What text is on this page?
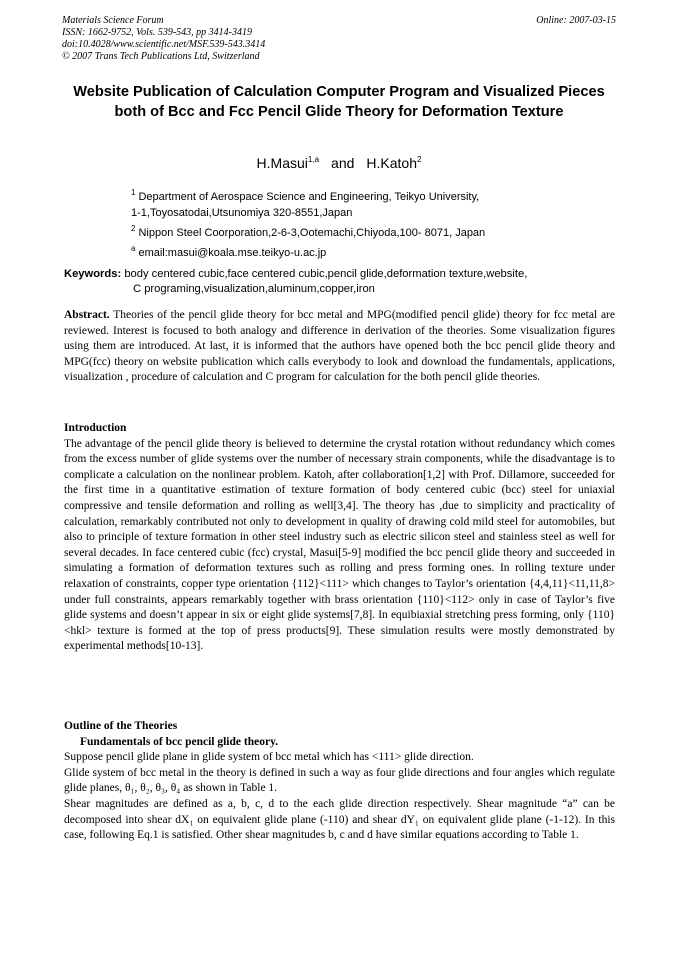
Materials Science Forum
ISSN: 1662-9752, Vols. 539-543, pp 3414-3419
doi:10.4028/www.scientific.net/MSF.539-543.3414
© 2007 Trans Tech Publications Ltd, Switzerland
Online: 2007-03-15
Website Publication of Calculation Computer Program and Visualized Pieces both of Bcc and Fcc Pencil Glide Theory for Deformation Texture
H.Masui$^{1,a}$ and H.Katoh$^2$
$^1$ Department of Aerospace Science and Engineering, Teikyo University,
1-1,Toyosatodai,Utsunomiya 320-8551,Japan
$^2$ Nippon Steel Coorporation,2-6-3,Ootemachi,Chiyoda,100- 8071, Japan
$^a$ email:masui@koala.mse.teikyo-u.ac.jp
Keywords: body centered cubic,face centered cubic,pencil glide,deformation texture,website,
C programing,visualization,aluminum,copper,iron

Abstract. Theories of the pencil glide theory for bcc metal and MPG(modified pencil glide) theory for fcc metal are reviewed. Interest is focused to both analogy and difference in derivation of the theories. Some visualization figures using them are introduced. At last, it is informed that the authors have opened both the bcc pencil glide theory and MPG(fcc) theory on website publication which calls everybody to look and download the fundamentals, applications, visualization , procedure of calculation and C program for calculation for the both pencil glide theories.

Introduction

The advantage of the pencil glide theory is believed to determine the crystal rotation without redundancy which comes from the excess number of glide systems over the number of necessary strain components, while the disadvantage is to complicate a calculation on the nonlinear problem. Katoh, after collaboration[1,2] with Prof. Dillamore, succeeded for the first time in a quantitative estimation of texture formation of body centered cubic (bcc) steel for uniaxial compressive and tensile deformation and rolling as well[3,4]. The theory has ,due to simplicity and practicality of calculation, remarkably contributed not only to development in quality of drawing cold mild steel for automobiles, but also to principle of texture formation in other steel industry such as electric silicon steel and stainless steel as well for several decades. In face centered cubic (fcc) crystal, Masui[5-9] modified the bcc pencil glide theory and succeeded in simulating a formation of deformation textures such as rolling and press forming ones. In rolling texture under relaxation of constraints, copper type orientation {112}<111> which changes to Taylor’s orientation {4,4,11}<11,11,8> under full constraints, appears remarkably together with brass orientation {110}<112> only in case of Taylor’s five glide systems and doesn’t appear in six or eight glide systems[7,8]. In equibiaxial stretching press forming, only {110}<hkl> texture is formed at the top of press products[9]. These simulation results were mostly demonstrated by experimental methods[10-13].

Outline of the Theories
Fundamentals of bcc pencil glide theory.

Suppose pencil glide plane in glide system of bcc metal which has <111> glide direction.

Glide system of bcc metal in the theory is defined in such a way as four glide directions and four angles which regulate glide planes, θ₁, θ₂, θ₃, θ₄ as shown in Table 1.

Shear magnitudes are defined as a, b, c, d to the each glide direction respectively. Shear magnitude “a” can be decomposed into shear dX₁ on equivalent glide plane (-110) and shear dY₁ on equivalent glide plane (-1-12). In this case, following Eq.1 is satisfied. Other shear magnitudes b, c and d have similar equations according to Table 1.
